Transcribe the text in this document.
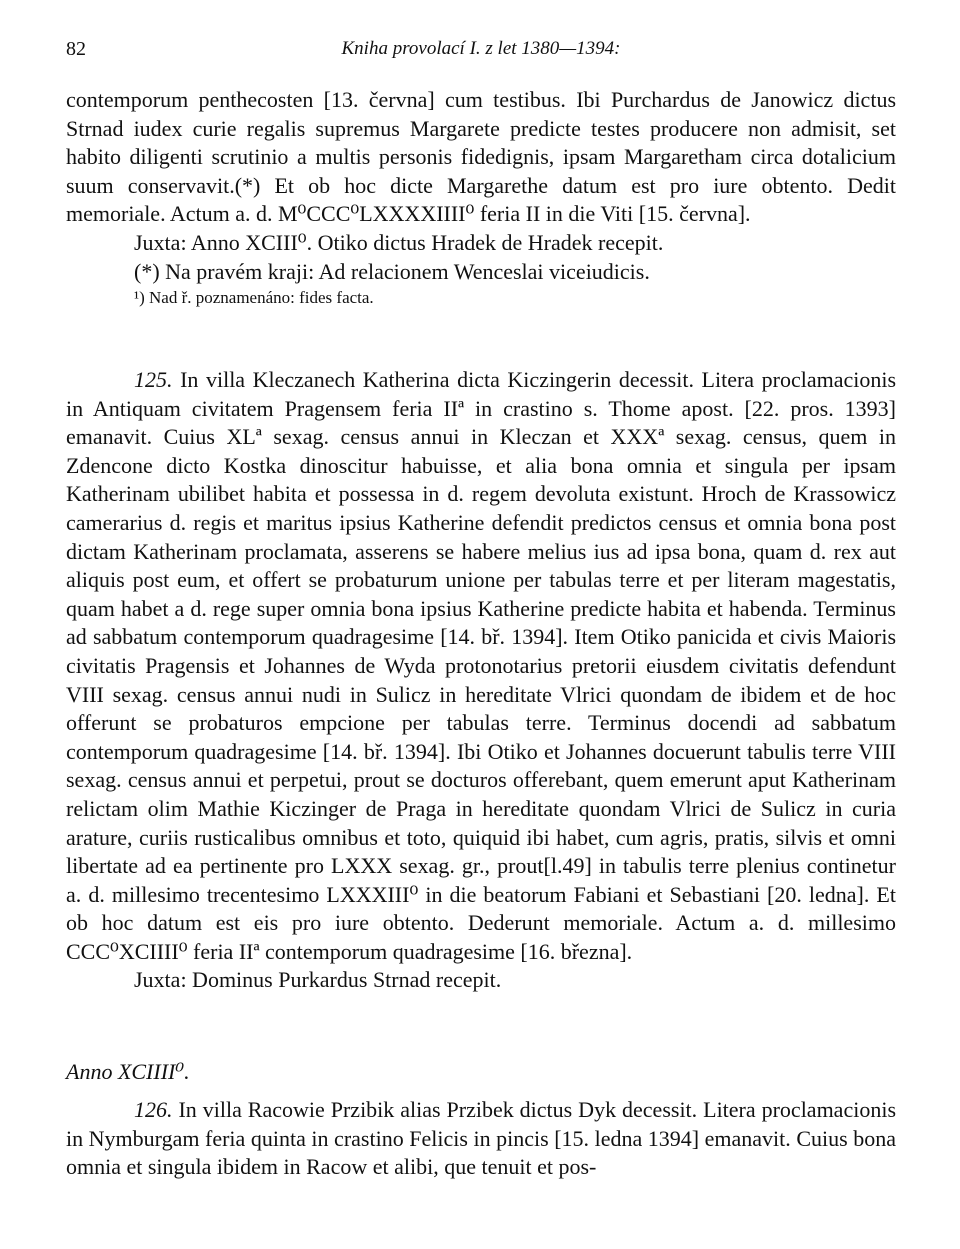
82	Kniha provolací I. z let 1380—1394:

contemporum penthecosten [13. června] cum testibus. Ibi Purchardus de Janowicz dictus Strnad iudex curie regalis supremus Margarete predicte testes producere non admisit, set habito diligenti scrutinio a multis personis fidedignis, ipsam Margaretham circa dotalicium suum conservavit.(*) Et ob hoc dicte Margarethe datum est pro iure obtento. Dedit memoriale. Actum a. d. M⁰CCC⁰LXXXXIIII⁰ feria II in die Viti [15. června].

Juxta: Anno XCIII⁰. Otiko dictus Hradek de Hradek recepit.

(*) Na pravém kraji: Ad relacionem Wenceslai viceiudicis.

¹) Nad ř. poznamenáno: fides facta.

125. In villa Kleczanech Katherina dicta Kiczingerin decessit. Litera proclamacionis in Antiquam civitatem Pragensem feria IIª in crastino s. Thome apost. [22. pros. 1393] emanavit. Cuius XLª sexag. census annui in Kleczan et XXXª sexag. census, quem in Zdencone dicto Kostka dinoscitur habuisse, et alia bona omnia et singula per ipsam Katherinam ubilibet habita et possessa in d. regem devoluta existunt. Hroch de Krassowicz camerarius d. regis et maritus ipsius Katherine defendit predictos census et omnia bona post dictam Katherinam proclamata, asserens se habere melius ius ad ipsa bona, quam d. rex aut aliquis post eum, et offert se probaturum unione per tabulas terre et per literam magestatis, quam habet a d. rege super omnia bona ipsius Katherine predicte habita et habenda. Terminus ad sabbatum contemporum quadragesime [14. bř. 1394]. Item Otiko panicida et civis Maioris civitatis Pragensis et Johannes de Wyda protonotarius pretorii eiusdem civitatis defendunt VIII sexag. census annui nudi in Sulicz in hereditate Vlrici quondam de ibidem et de hoc offerunt se probaturos empcione per tabulas terre. Terminus docendi ad sabbatum contemporum quadragesime [14. bř. 1394]. Ibi Otiko et Johannes docuerunt tabulis terre VIII sexag. census annui et perpetui, prout se docturos offerebant, quem emerunt aput Katherinam relictam olim Mathie Kiczinger de Praga in hereditate quondam Vlrici de Sulicz in curia arature, curiis rusticalibus omnibus et toto, quiquid ibi habet, cum agris, pratis, silvis et omni libertate ad ea pertinente pro LXXX sexag. gr., prout[l.49] in tabulis terre plenius continetur a. d. millesimo trecentesimo LXXXIII⁰ in die beatorum Fabiani et Sebastiani [20. ledna]. Et ob hoc datum est eis pro iure obtento. Dederunt memoriale. Actum a. d. millesimo CCC⁰XCIIII⁰ feria IIª contemporum quadragesime [16. března].

Juxta: Dominus Purkardus Strnad recepit.

Anno XCIIII⁰.

126. In villa Racowie Przibik alias Przibek dictus Dyk decessit. Litera proclamacionis in Nymburgam feria quinta in crastino Felicis in pincis [15. ledna 1394] emanavit. Cuius bona omnia et singula ibidem in Racow et alibi, que tenuit et pos-
